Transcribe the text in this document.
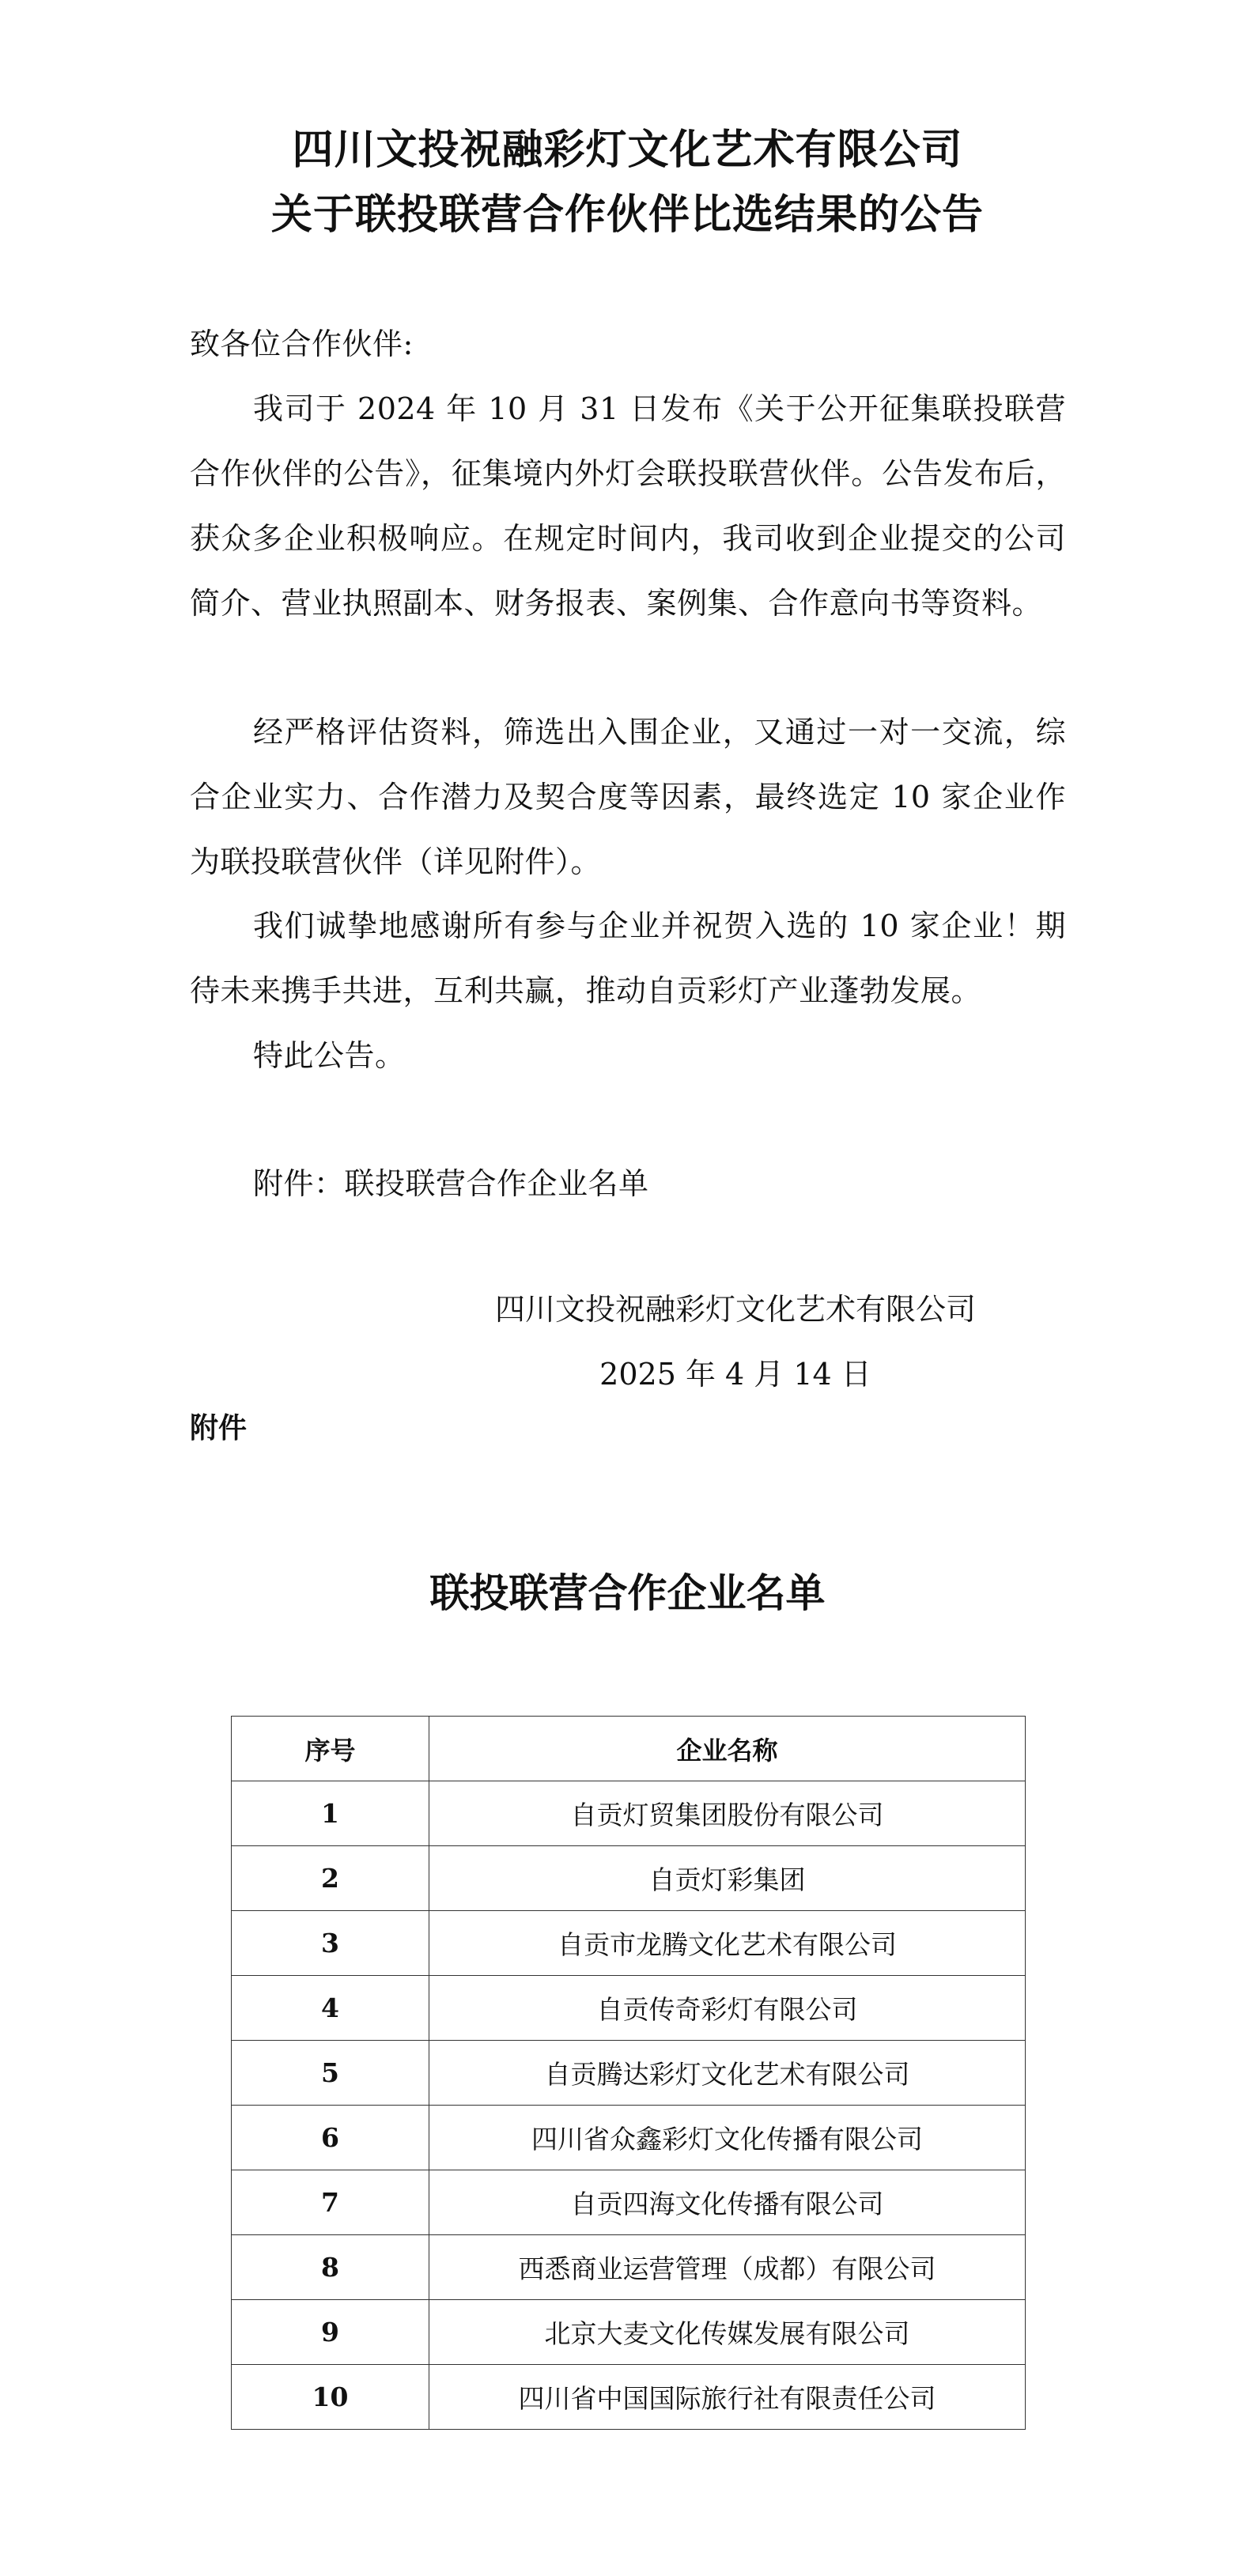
四川文投祝融彩灯文化艺术有限公司
关于联投联营合作伙伴比选结果的公告
致各位合作伙伴:
我司于 2024 年 10 月 31 日发布《关于公开征集联投联营合作伙伴的公告》，征集境内外灯会联投联营伙伴。公告发布后，获众多企业积极响应。在规定时间内，我司收到企业提交的公司简介、营业执照副本、财务报表、案例集、合作意向书等资料。
经严格评估资料，筛选出入围企业，又通过一对一交流，综合企业实力、合作潜力及契合度等因素，最终选定 10 家企业作为联投联营伙伴（详见附件）。
我们诚挚地感谢所有参与企业并祝贺入选的 10 家企业！期待未来携手共进，互利共赢，推动自贡彩灯产业蓬勃发展。
特此公告。
附件：联投联营合作企业名单
四川文投祝融彩灯文化艺术有限公司
2025 年 4 月 14 日
附件
联投联营合作企业名单
序号	企业名称
1	自贡灯贸集团股份有限公司
2	自贡灯彩集团
3	自贡市龙腾文化艺术有限公司
4	自贡传奇彩灯有限公司
5	自贡腾达彩灯文化艺术有限公司
6	四川省众鑫彩灯文化传播有限公司
7	自贡四海文化传播有限公司
8	西悉商业运营管理（成都）有限公司
9	北京大麦文化传媒发展有限公司
10	四川省中国国际旅行社有限责任公司
